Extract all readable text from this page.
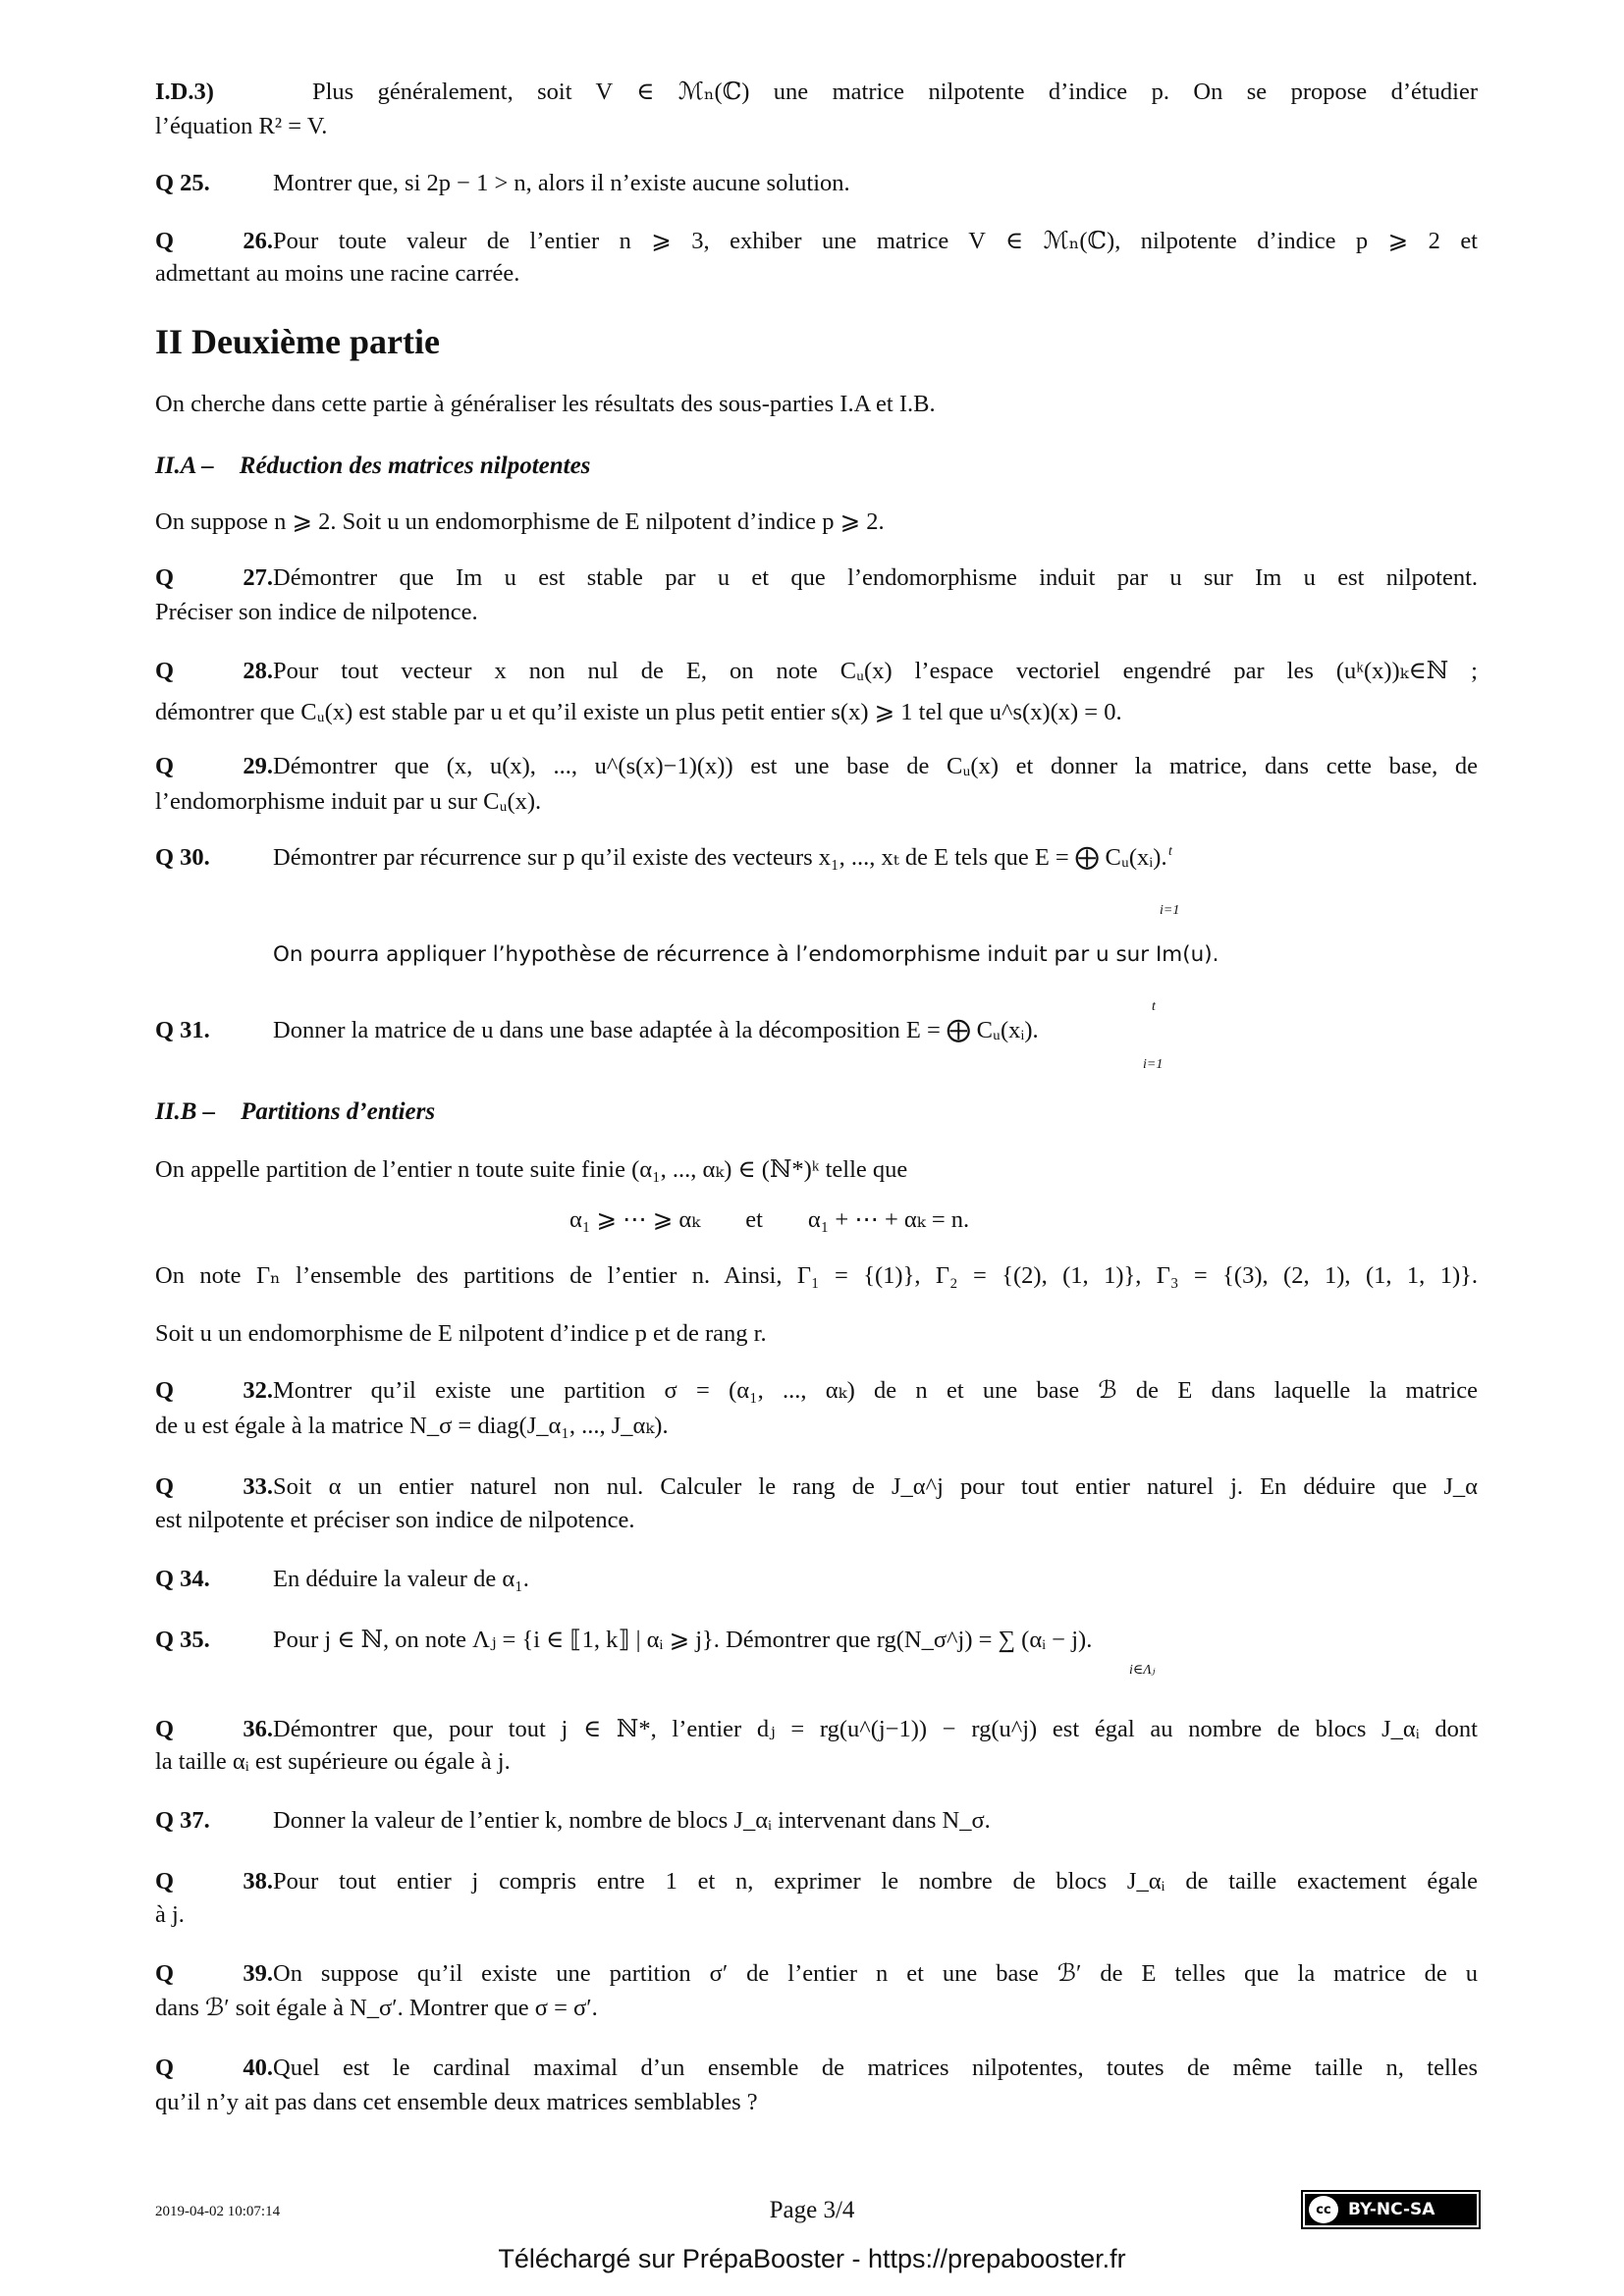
I.D.3)	Plus généralement, soit V ∈ ℳₙ(ℂ) une matrice nilpotente d’indice p. On se propose d’étudier
l’équation R² = V.
Q 25.	Montrer que, si 2p − 1 > n, alors il n’existe aucune solution.
Q 26.Pour toute valeur de l’entier n ⩾ 3, exhiber une matrice V ∈ ℳₙ(ℂ), nilpotente d’indice p ⩾ 2 et
admettant au moins une racine carrée.
II Deuxième partie
On cherche dans cette partie à généraliser les résultats des sous-parties I.A et I.B.
II.A – Réduction des matrices nilpotentes
On suppose n ⩾ 2. Soit u un endomorphisme de E nilpotent d’indice p ⩾ 2.
Q 27.Démontrer que Im u est stable par u et que l’endomorphisme induit par u sur Im u est nilpotent.
Préciser son indice de nilpotence.
Q 28.Pour tout vecteur x non nul de E, on note Cᵤ(x) l’espace vectoriel engendré par les (uᵏ(x))ₖ∈ℕ ;
démontrer que Cᵤ(x) est stable par u et qu’il existe un plus petit entier s(x) ⩾ 1 tel que u^s(x)(x) = 0.
Q 29.Démontrer que (x, u(x), ..., u^(s(x)−1)(x)) est une base de Cᵤ(x) et donner la matrice, dans cette base, de
l’endomorphisme induit par u sur Cᵤ(x).
Q 30.	Démontrer par récurrence sur p qu’il existe des vecteurs x₁, ..., xₜ de E tels que E = ⨁ Cᵤ(xᵢ). t
i=1
On pourra appliquer l’hypothèse de récurrence à l’endomorphisme induit par u sur Im(u).
Q 31.	Donner la matrice de u dans une base adaptée à la décomposition E = ⨁ Cᵤ(xᵢ).
t
i=1
II.B – Partitions d’entiers
On appelle partition de l’entier n toute suite finie (α₁, ..., αₖ) ∈ (ℕ*)ᵏ telle que
α₁ ⩾ ⋯ ⩾ αₖ et α₁ + ⋯ + αₖ = n.
On note Γₙ l’ensemble des partitions de l’entier n. Ainsi, Γ₁ = {(1)}, Γ₂ = {(2), (1, 1)}, Γ₃ = {(3), (2, 1), (1, 1, 1)}.
Soit u un endomorphisme de E nilpotent d’indice p et de rang r.
Q 32.Montrer qu’il existe une partition σ = (α₁, ..., αₖ) de n et une base ℬ de E dans laquelle la matrice
de u est égale à la matrice N_σ = diag(J_α₁, ..., J_αₖ).
Q 33.Soit α un entier naturel non nul. Calculer le rang de J_α^j pour tout entier naturel j. En déduire que J_α
est nilpotente et préciser son indice de nilpotence.
Q 34.	En déduire la valeur de α₁.
Q 35.	Pour j ∈ ℕ, on note Λⱼ = {i ∈ ⟦1, k⟧ | αᵢ ⩾ j}. Démontrer que rg(N_σ^j) = ∑ (αᵢ − j).
i∈Λⱼ
Q 36.Démontrer que, pour tout j ∈ ℕ*, l’entier dⱼ = rg(u^(j−1)) − rg(u^j) est égal au nombre de blocs J_αᵢ dont
la taille αᵢ est supérieure ou égale à j.
Q 37.	Donner la valeur de l’entier k, nombre de blocs J_αᵢ intervenant dans N_σ.
Q 38.Pour tout entier j compris entre 1 et n, exprimer le nombre de blocs J_αᵢ de taille exactement égale
à j.
Q 39.On suppose qu’il existe une partition σ′ de l’entier n et une base ℬ′ de E telles que la matrice de u
dans ℬ′ soit égale à N_σ′. Montrer que σ = σ′.
Q 40.Quel est le cardinal maximal d’un ensemble de matrices nilpotentes, toutes de même taille n, telles
qu’il n’y ait pas dans cet ensemble deux matrices semblables ?
2019-04-02 10:07:14	Page 3/4	cc	BY-NC-SA
Téléchargé sur PrépaBooster - https://prepabooster.fr
